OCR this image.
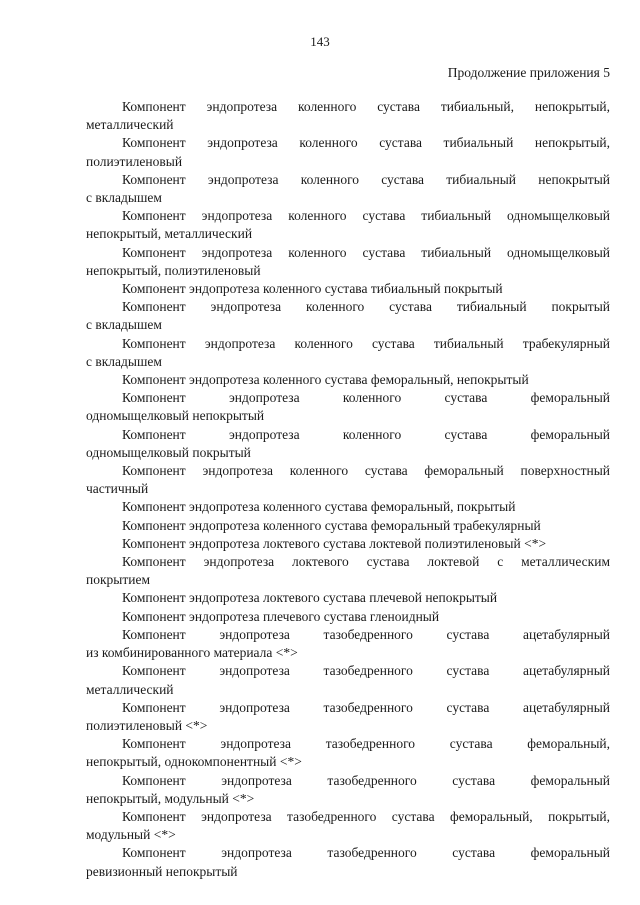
143
Продолжение приложения 5
Компонент эндопротеза коленного сустава тибиальный, непокрытый,
металлический
Компонент эндопротеза коленного сустава тибиальный непокрытый,
полиэтиленовый
Компонент эндопротеза коленного сустава тибиальный непокрытый
с вкладышем
Компонент эндопротеза коленного сустава тибиальный одномыщелковый
непокрытый, металлический
Компонент эндопротеза коленного сустава тибиальный одномыщелковый
непокрытый, полиэтиленовый
Компонент эндопротеза коленного сустава тибиальный покрытый
Компонент эндопротеза коленного сустава тибиальный покрытый
с вкладышем
Компонент эндопротеза коленного сустава тибиальный трабекулярный
с вкладышем
Компонент эндопротеза коленного сустава феморальный, непокрытый
Компонент эндопротеза коленного сустава феморальный
одномыщелковый непокрытый
Компонент эндопротеза коленного сустава феморальный
одномыщелковый покрытый
Компонент эндопротеза коленного сустава феморальный поверхностный
частичный
Компонент эндопротеза коленного сустава феморальный, покрытый
Компонент эндопротеза коленного сустава феморальный трабекулярный
Компонент эндопротеза локтевого сустава локтевой полиэтиленовый <*>
Компонент эндопротеза локтевого сустава локтевой с металлическим
покрытием
Компонент эндопротеза локтевого сустава плечевой непокрытый
Компонент эндопротеза плечевого сустава гленоидный
Компонент эндопротеза тазобедренного сустава ацетабулярный
из комбинированного материала <*>
Компонент эндопротеза тазобедренного сустава ацетабулярный
металлический
Компонент эндопротеза тазобедренного сустава ацетабулярный
полиэтиленовый <*>
Компонент эндопротеза тазобедренного сустава феморальный,
непокрытый, однокомпонентный <*>
Компонент эндопротеза тазобедренного сустава феморальный
непокрытый, модульный <*>
Компонент эндопротеза тазобедренного сустава феморальный, покрытый,
модульный <*>
Компонент эндопротеза тазобедренного сустава феморальный
ревизионный непокрытый
